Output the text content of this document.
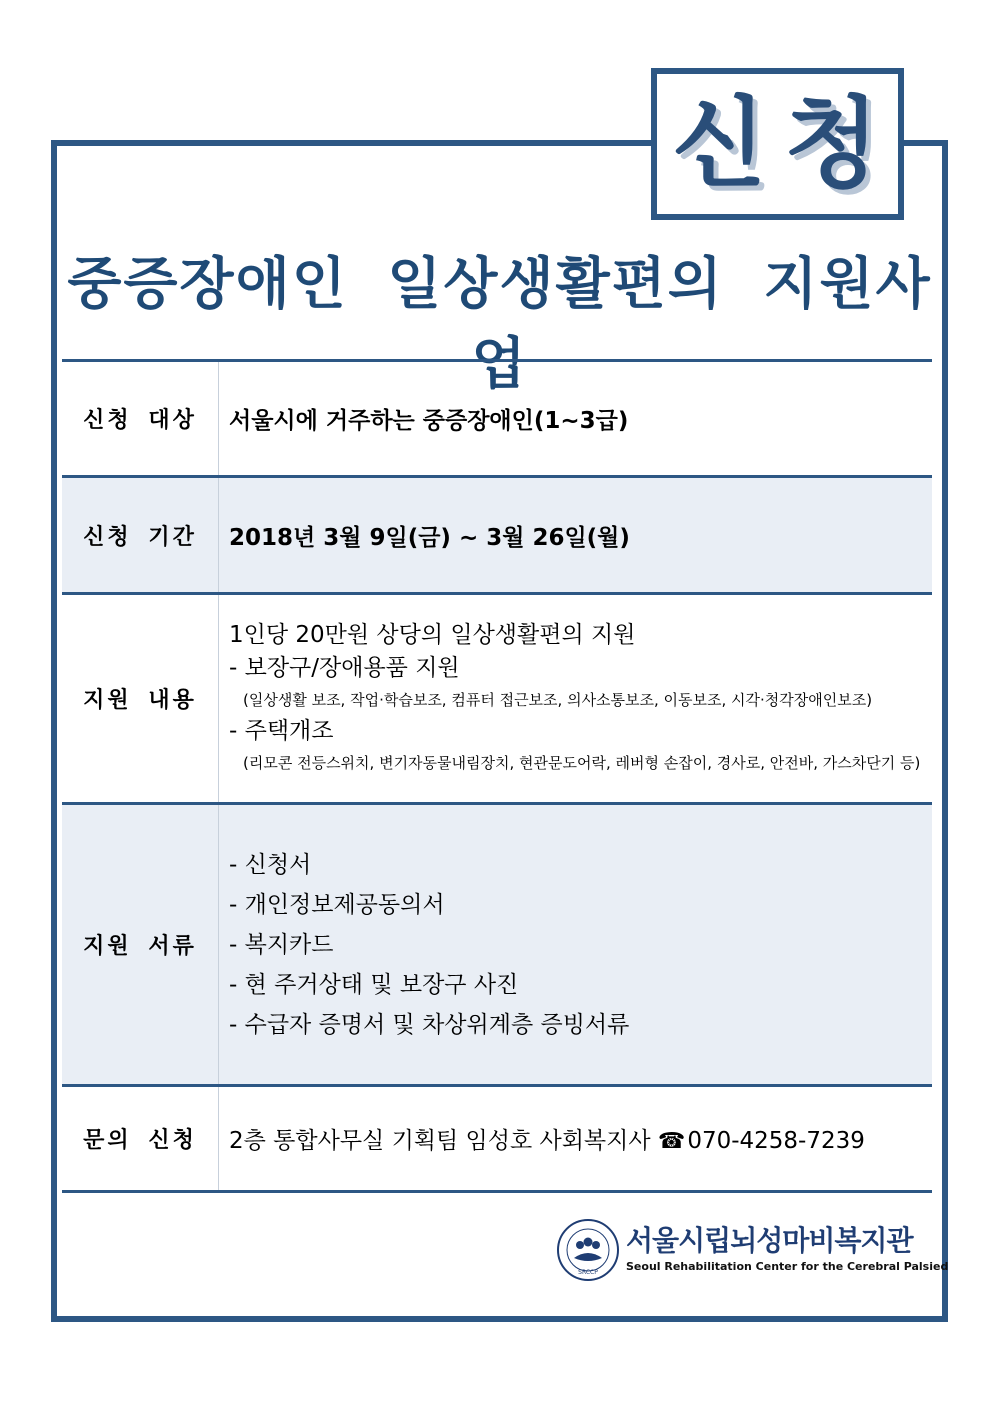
신청
중증장애인 일상생활편의 지원사업
신청 대상	서울시에 거주하는 중증장애인(1~3급)
신청 기간	2018년 3월 9일(금) ~ 3월 26일(월)
지원 내용	1인당 20만원 상당의 일상생활편의 지원
- 보장구/장애용품 지원
(일상생활 보조, 작업·학습보조, 컴퓨터 접근보조, 의사소통보조, 이동보조, 시각·청각장애인보조)
- 주택개조
(리모콘 전등스위치, 변기자동물내림장치, 현관문도어락, 레버형 손잡이, 경사로, 안전바, 가스차단기 등)

지원 서류	- 신청서
- 개인정보제공동의서
- 복지카드
- 현 주거상태 및 보장구 사진
- 수급자 증명서 및 차상위계층 증빙서류

문의 신청	2층 통합사무실 기획팀 임성호 사회복지사 ☎070-4258-7239
SRCCP
서울시립뇌성마비복지관
Seoul Rehabilitation Center for the Cerebral Palsied
